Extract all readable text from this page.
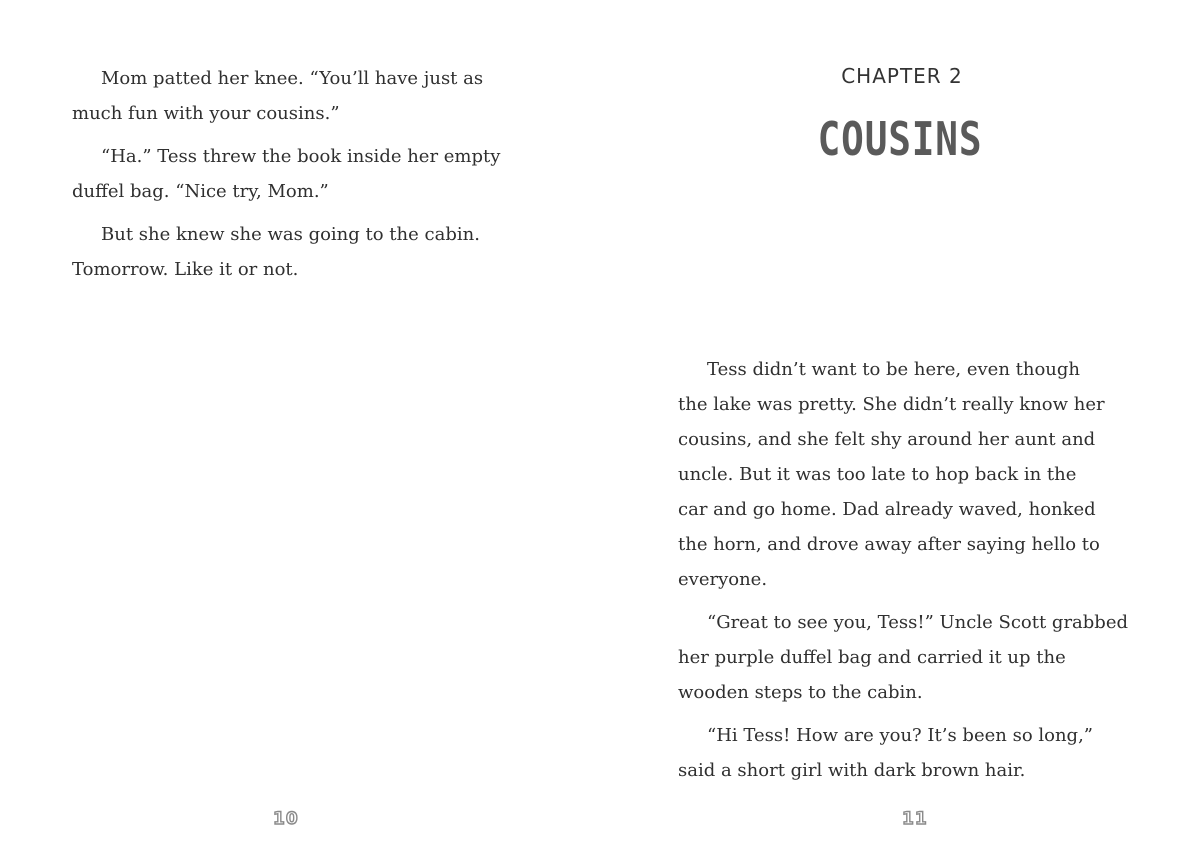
Mom patted her knee. “You’ll have just as
much fun with your cousins.”

“Ha.” Tess threw the book inside her empty
duffel bag. “Nice try, Mom.”

But she knew she was going to the cabin.
Tomorrow. Like it or not.

10
CHAPTER 2
COUSINS

Tess didn’t want to be here, even though
the lake was pretty. She didn’t really know her
cousins, and she felt shy around her aunt and
uncle. But it was too late to hop back in the
car and go home. Dad already waved, honked
the horn, and drove away after saying hello to
everyone.

“Great to see you, Tess!” Uncle Scott grabbed
her purple duffel bag and carried it up the
wooden steps to the cabin.

“Hi Tess! How are you? It’s been so long,”
said a short girl with dark brown hair.

11
